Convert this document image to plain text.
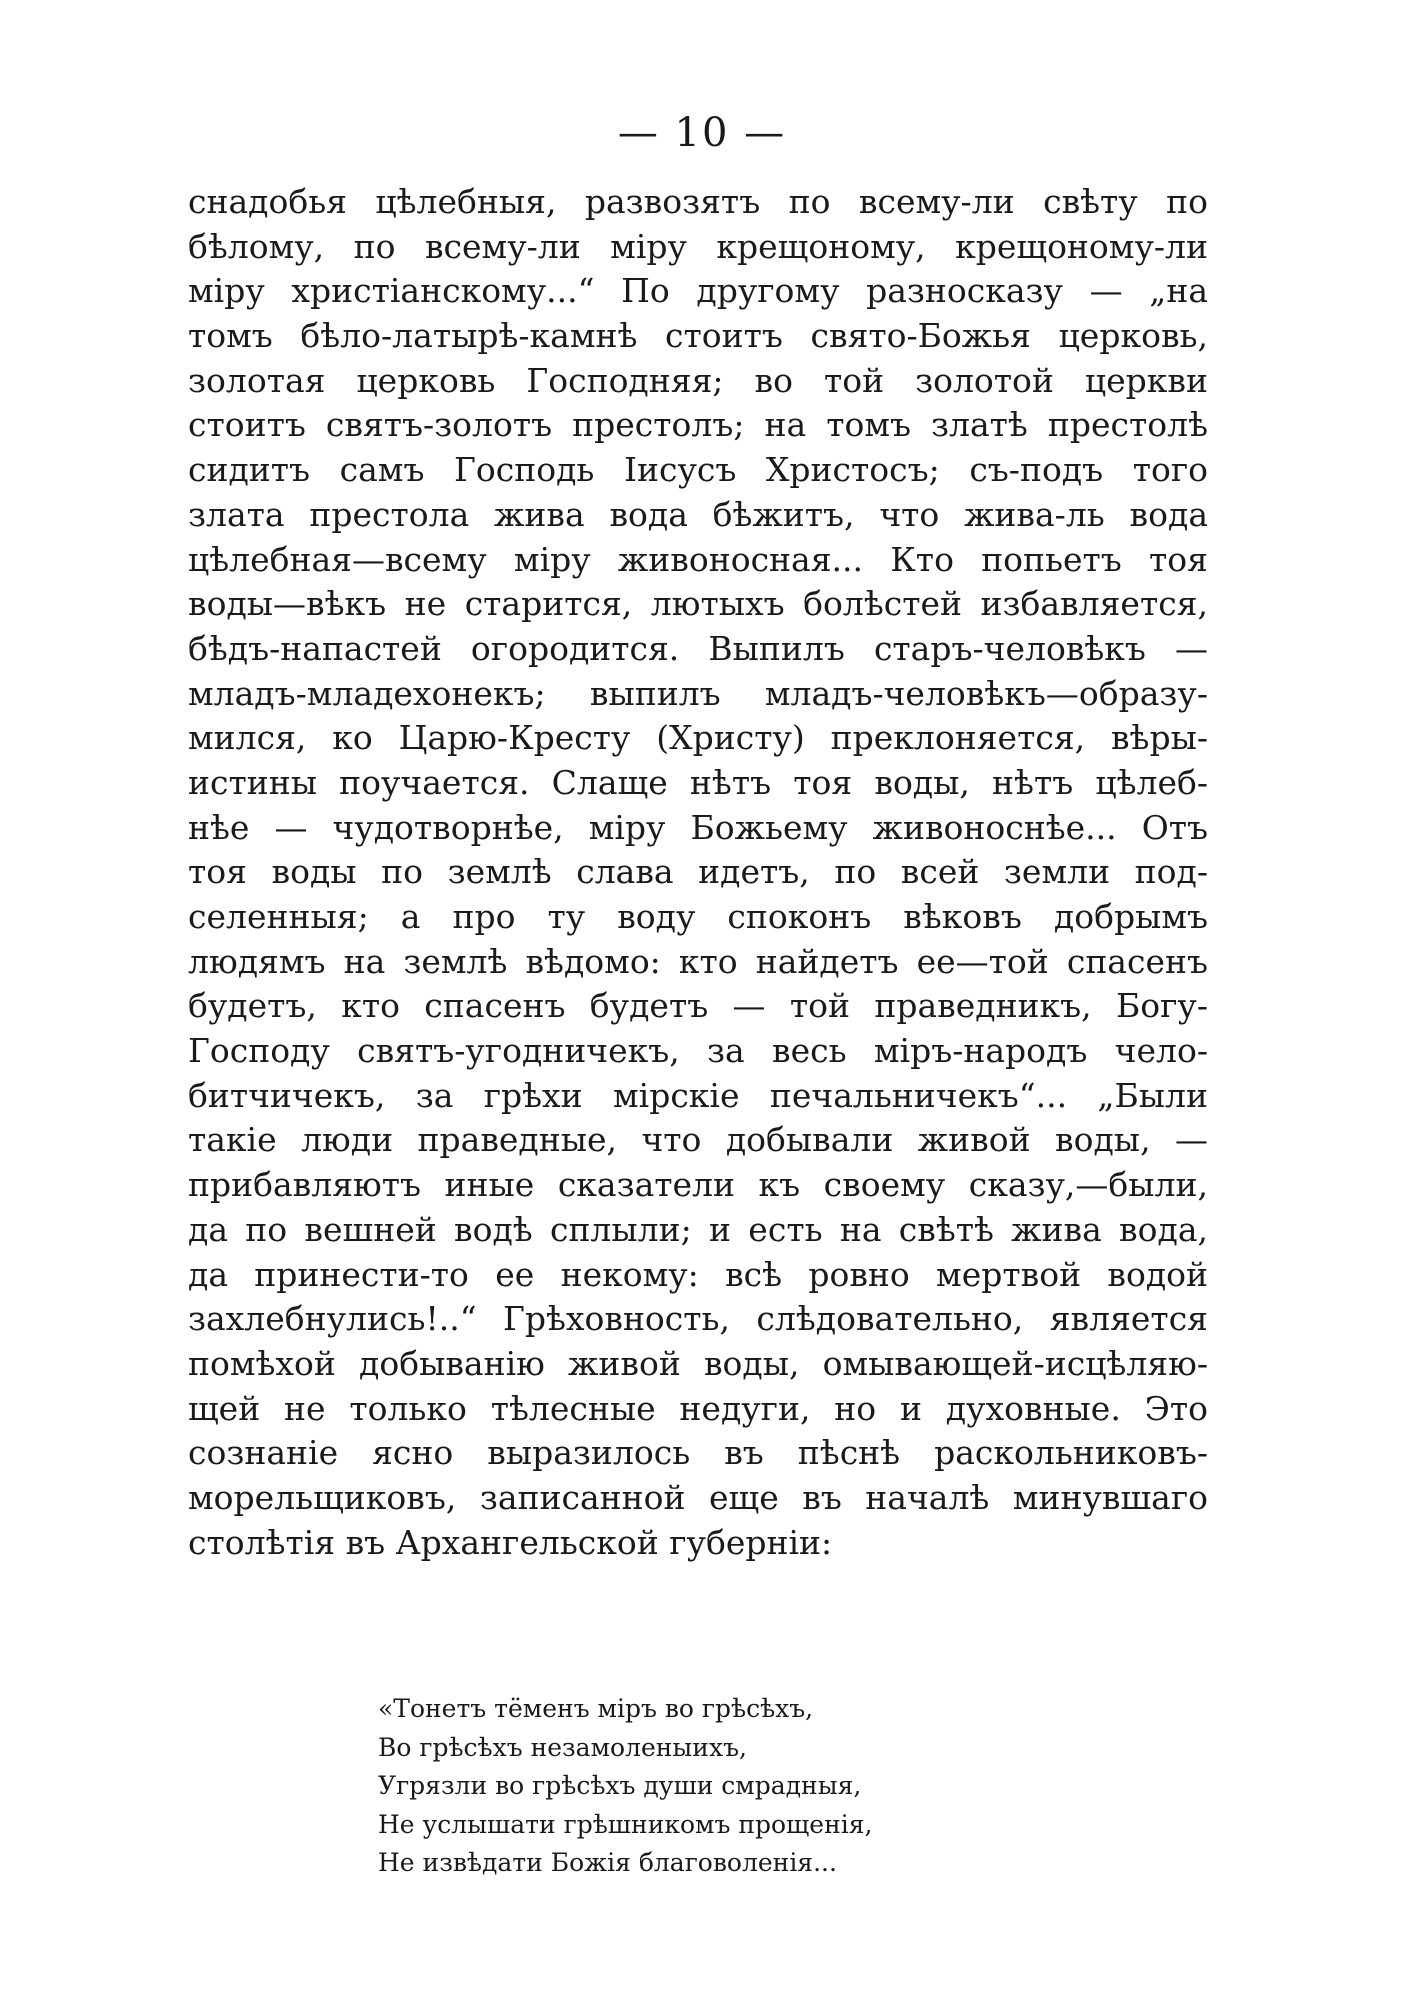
— 10 —
снадобья цѣлебныя, развозятъ по всему-ли свѣту по
бѣлому, по всему-ли міру крещоному, крещоному-ли
міру христіанскому...“ По другому разносказу — „на
томъ бѣло-латырѣ-камнѣ стоитъ свято-Божья церковь,
золотая церковь Господняя; во той золотой церкви
стоитъ святъ-золотъ престолъ; на томъ златѣ престолѣ
сидитъ самъ Господь Іисусъ Христосъ; съ-подъ того
злата престола жива вода бѣжитъ, что жива-ль вода
цѣлебная—всему міру живоносная... Кто попьетъ тоя
воды—вѣкъ не старится, лютыхъ болѣстей избавляется,
бѣдъ-напастей огородится. Выпилъ старъ-человѣкъ —
младъ-младехонекъ; выпилъ младъ-человѣкъ—образу-
мился, ко Царю-Кресту (Христу) преклоняется, вѣры-
истины поучается. Слаще нѣтъ тоя воды, нѣтъ цѣлеб-
нѣе — чудотворнѣе, міру Божьему живоноснѣе... Отъ
тоя воды по землѣ слава идетъ, по всей земли под-
селенныя; а про ту воду споконъ вѣковъ добрымъ
людямъ на землѣ вѣдомо: кто найдетъ ее—той спасенъ
будетъ, кто спасенъ будетъ — той праведникъ, Богу-
Господу святъ-угодничекъ, за весь міръ-народъ чело-
битчичекъ, за грѣхи мірскіе печальничекъ“... „Были
такіе люди праведные, что добывали живой воды, —
прибавляютъ иные сказатели къ своему сказу,—были,
да по вешней водѣ сплыли; и есть на свѣтѣ жива вода,
да принести-то ее некому: всѣ ровно мертвой водой
захлебнулись!..“ Грѣховность, слѣдовательно, является
помѣхой добыванію живой воды, омывающей-исцѣляю-
щей не только тѣлесные недуги, но и духовные. Это
сознаніе ясно выразилось въ пѣснѣ раскольниковъ-
морельщиковъ, записанной еще въ началѣ минувшаго
столѣтія въ Архангельской губерніи:
«Тонетъ тёменъ міръ во грѣсѣхъ,
Во грѣсѣхъ незамоленыихъ,
Угрязли во грѣсѣхъ души смрадныя,
Не услышати грѣшникомъ прощенія,
Не извѣдати Божія благоволенія...
